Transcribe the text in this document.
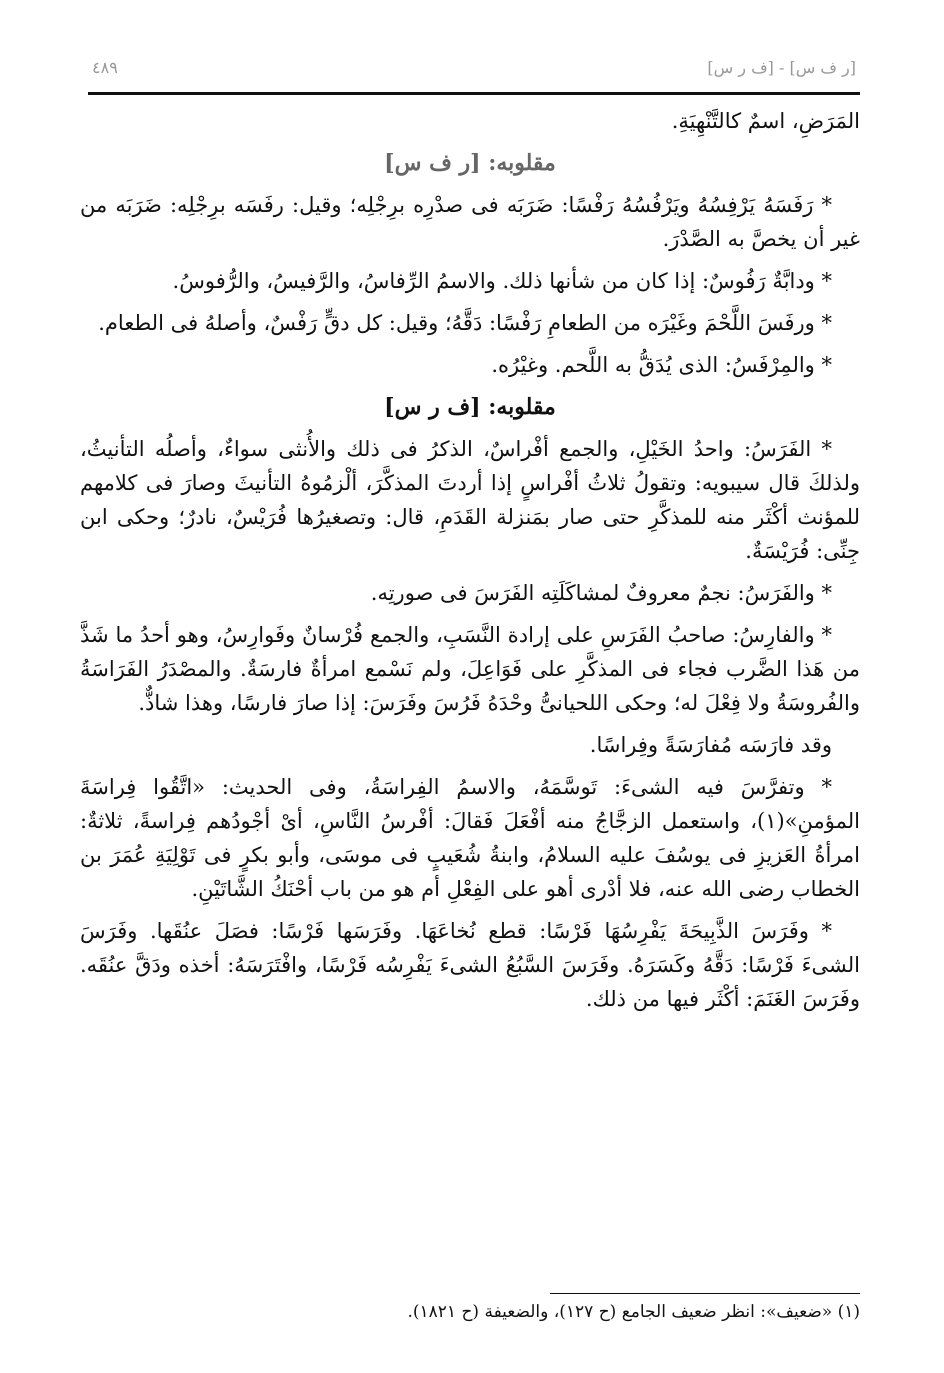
[ر ف س] - [ف ر س]
٤٨٩

المَرَضِ، اسمٌ كالتَّنْهِيَةِ.

مقلوبه: [ر ف س]

* رَفَسَهُ يَرْفِسُهُ ويَرْفُسُهُ رَفْسًا: ضَرَبَه فى صدْرِه برِجْلِه؛ وقيل: رفَسَه برِجْلِه: ضَرَبَه من غير أن يخصَّ به الصَّدْرَ.

* ودابَّةٌ رَفُوسٌ: إذا كان من شأنها ذلك. والاسمُ الرِّفاسُ، والرَّفيسُ، والرُّفوسُ.

* ورفَسَ اللَّحْمَ وغَيْرَه من الطعامِ رَفْسًا: دَقَّهُ؛ وقيل: كل دقٍّ رَفْسٌ، وأصلهُ فى الطعام.

* والمِرْفَسُ: الذى يُدَقُّ به اللَّحم. وغيْرُه.

مقلوبه: [ف ر س]

* الفَرَسُ: واحدُ الخَيْلِ، والجمع أفْراسٌ، الذكرُ فى ذلك والأُنثى سواءٌ، وأصلُه التأنيثُ، ولذلكَ قال سيبويه: وتقولُ ثلاثُ أفْراسٍ إذا أردتَ المذكَّرَ، ألْزمُوهُ التأنيثَ وصارَ فى كلامهم للمؤنث أكْثَر منه للمذكَّرِ حتى صار بمَنزلة القَدَمِ، قال: وتصغيرُها فُرَيْسٌ، نادرٌ؛ وحكى ابن جِنِّى: فُرَيْسَةٌ.

* والفَرَسُ: نجمٌ معروفٌ لمشاكَلَتِه الفَرَسَ فى صورتِه.

* والفارِسُ: صاحبُ الفَرَسِ على إرادة النَّسَبِ، والجمع فُرْسانٌ وفَوارِسُ، وهو أحدُ ما شَذَّ من هَذا الضَّرب فجاء فى المذكَّرِ على فَوَاعِلَ، ولم نَسْمع امرأةٌ فارسَةٌ. والمصْدَرُ الفَرَاسَةُ والفُروسَةُ ولا فِعْلَ له؛ وحكى اللحيانىُّ وحْدَهُ فَرُسَ وفَرَسَ: إذا صارَ فارسًا، وهذا شاذٌّ.

وقد فارَسَه مُفارَسَةً وفِراسًا.

* وتفرَّسَ فيه الشىءَ: تَوسَّمَهُ، والاسمُ الفِراسَةُ، وفى الحديث: «اتَّقُوا فِراسَةَ المؤمنِ»(١)، واستعمل الزجَّاجُ منه أفْعَلَ فَقالَ: أفْرسُ النَّاسِ، أىْ أجْودُهم فِراسةً، ثلاثةٌ: امرأةُ العَزيزِ فى يوسُفَ عليه السلامُ، وابنةُ شُعَيبٍ فى موسَى، وأبو بكرٍ فى تَوْلِيَةِ عُمَرَ بن الخطاب رضى الله عنه، فلا أدْرى أهو على الفِعْلِ أم هو من باب أحْنَكُ الشَّاتَيْنِ.

* وفَرَسَ الذَّبِيحَةَ يَفْرِسُهَا فَرْسًا: قطع نُخاعَهَا. وفَرَسَها فَرْسًا: فصَلَ عنُقَها. وفَرَسَ الشىءَ فَرْسًا: دَقَّهُ وكَسَرَهُ. وفَرَسَ السَّبُعُ الشىءَ يَفْرِسُه فَرْسًا، وافْتَرَسَهُ: أخذه ودَقَّ عنُقَه. وفَرَسَ الغَنَمَ: أكْثَر فيها من ذلك.

(١) «ضعيف»: انظر ضعيف الجامع (ح ١٢٧)، والضعيفة (ح ١٨٢١).
